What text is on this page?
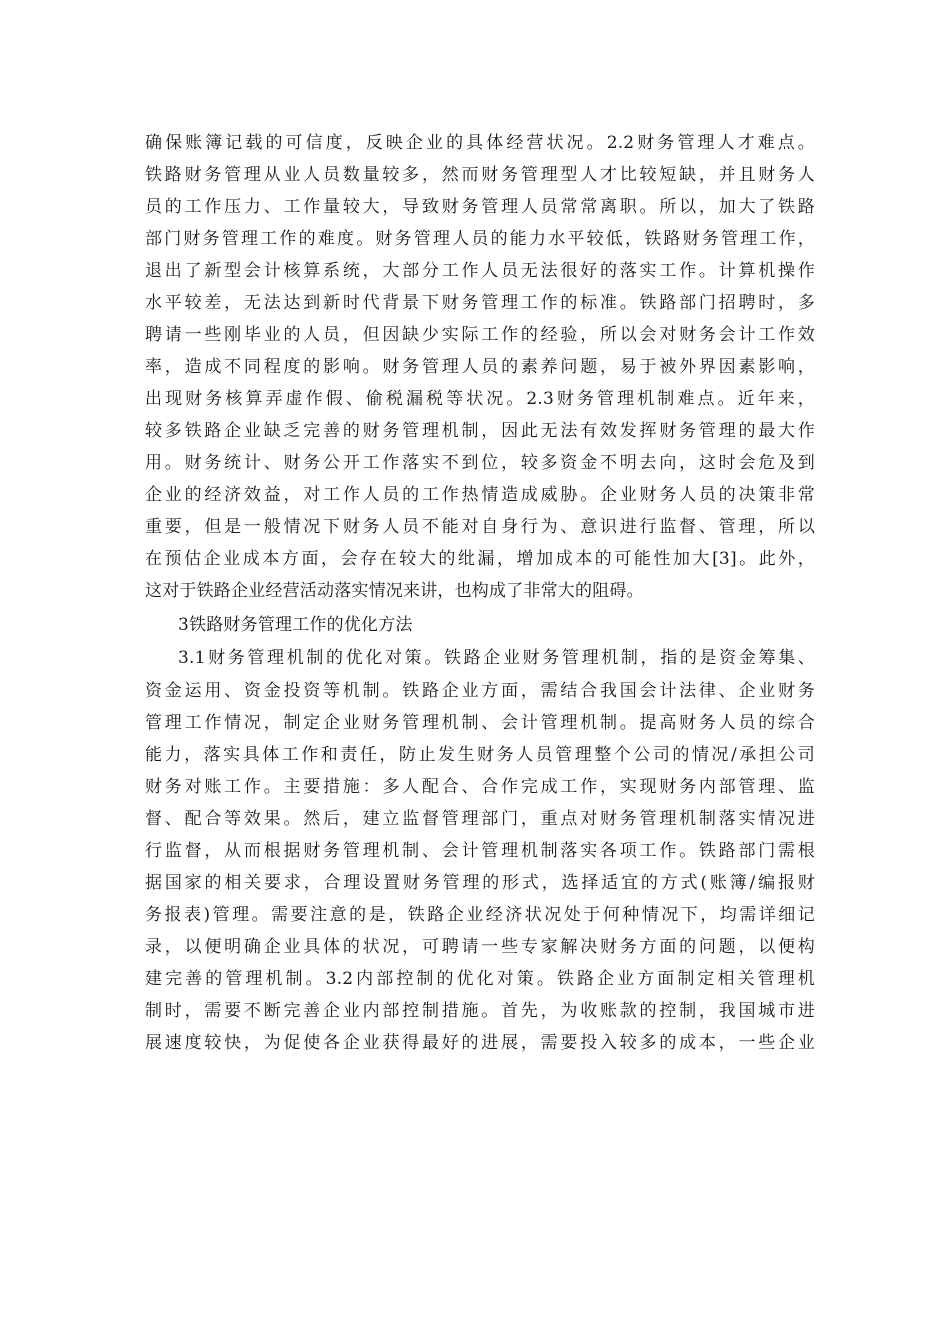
确保账簿记载的可信度，反映企业的具体经营状况。2.2财务管理人才难点。
铁路财务管理从业人员数量较多，然而财务管理型人才比较短缺，并且财务人
员的工作压力、工作量较大，导致财务管理人员常常离职。所以，加大了铁路
部门财务管理工作的难度。财务管理人员的能力水平较低，铁路财务管理工作，
退出了新型会计核算系统，大部分工作人员无法很好的落实工作。计算机操作
水平较差，无法达到新时代背景下财务管理工作的标准。铁路部门招聘时，多
聘请一些刚毕业的人员，但因缺少实际工作的经验，所以会对财务会计工作效
率，造成不同程度的影响。财务管理人员的素养问题，易于被外界因素影响，
出现财务核算弄虚作假、偷税漏税等状况。2.3财务管理机制难点。近年来，
较多铁路企业缺乏完善的财务管理机制，因此无法有效发挥财务管理的最大作
用。财务统计、财务公开工作落实不到位，较多资金不明去向，这时会危及到
企业的经济效益，对工作人员的工作热情造成威胁。企业财务人员的决策非常
重要，但是一般情况下财务人员不能对自身行为、意识进行监督、管理，所以
在预估企业成本方面，会存在较大的纰漏，增加成本的可能性加大[3]。此外，
这对于铁路企业经营活动落实情况来讲，也构成了非常大的阻碍。
3铁路财务管理工作的优化方法
3.1财务管理机制的优化对策。铁路企业财务管理机制，指的是资金筹集、
资金运用、资金投资等机制。铁路企业方面，需结合我国会计法律、企业财务
管理工作情况，制定企业财务管理机制、会计管理机制。提高财务人员的综合
能力，落实具体工作和责任，防止发生财务人员管理整个公司的情况/承担公司
财务对账工作。主要措施：多人配合、合作完成工作，实现财务内部管理、监
督、配合等效果。然后，建立监督管理部门，重点对财务管理机制落实情况进
行监督，从而根据财务管理机制、会计管理机制落实各项工作。铁路部门需根
据国家的相关要求，合理设置财务管理的形式，选择适宜的方式(账簿/编报财
务报表)管理。需要注意的是，铁路企业经济状况处于何种情况下，均需详细记
录，以便明确企业具体的状况，可聘请一些专家解决财务方面的问题，以便构
建完善的管理机制。3.2内部控制的优化对策。铁路企业方面制定相关管理机
制时，需要不断完善企业内部控制措施。首先，为收账款的控制，我国城市进
展速度较快，为促使各企业获得最好的进展，需要投入较多的成本，一些企业
